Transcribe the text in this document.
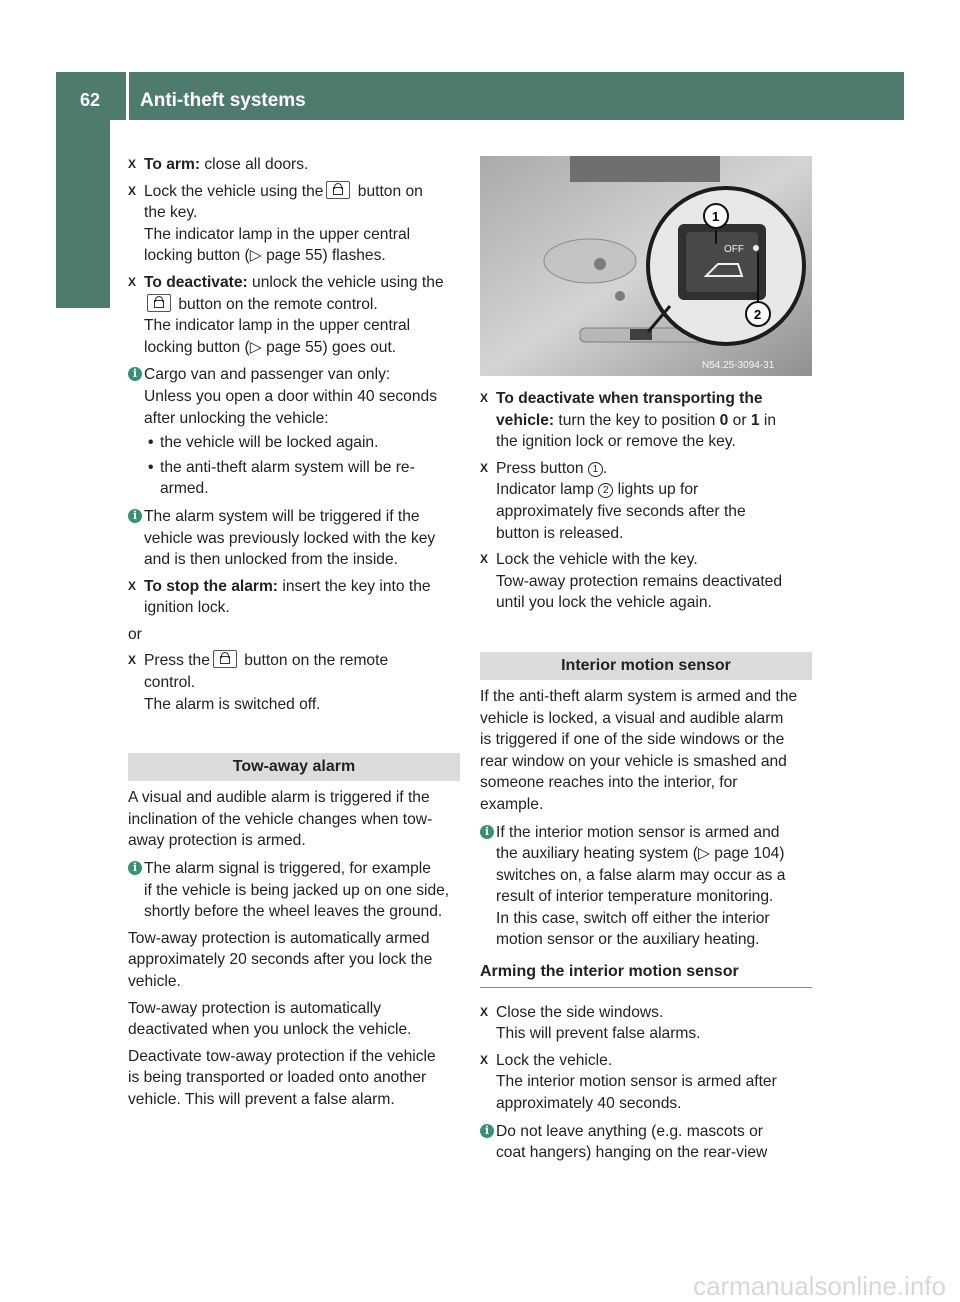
62	Anti-theft systems
Controls	X To arm: close all doors.
X Lock the vehicle using the button on
the key.
The indicator lamp in the upper central
locking button (▷ page 55) flashes.
X To deactivate: unlock the vehicle using the
button on the remote control.
The indicator lamp in the upper central
locking button (▷ page 55) goes out.
i Cargo van and passenger van only:
Unless you open a door within 40 seconds
after unlocking the vehicle:
• the vehicle will be locked again.
• the anti-theft alarm system will be re-
armed.
i The alarm system will be triggered if the
vehicle was previously locked with the key
and is then unlocked from the inside.
X To stop the alarm: insert the key into the
ignition lock.
or
X Press the button on the remote
control.
The alarm is switched off.
Tow-away alarm
A visual and audible alarm is triggered if the
inclination of the vehicle changes when tow-
away protection is armed.
i The alarm signal is triggered, for example
if the vehicle is being jacked up on one side,
shortly before the wheel leaves the ground.
Tow-away protection is automatically armed
approximately 20 seconds after you lock the
vehicle.
Tow-away protection is automatically
deactivated when you unlock the vehicle.
Deactivate tow-away protection if the vehicle
is being transported or loaded onto another
vehicle. This will prevent a false alarm.
OFF
1
2
N54.25-3094-31
X To deactivate when transporting the
vehicle: turn the key to position 0 or 1 in
the ignition lock or remove the key.
X Press button 1 .
Indicator lamp 2 lights up for
approximately five seconds after the
button is released.
X Lock the vehicle with the key.
Tow-away protection remains deactivated
until you lock the vehicle again.
Interior motion sensor
If the anti-theft alarm system is armed and the
vehicle is locked, a visual and audible alarm
is triggered if one of the side windows or the
rear window on your vehicle is smashed and
someone reaches into the interior, for
example.
i If the interior motion sensor is armed and
the auxiliary heating system (▷ page 104)
switches on, a false alarm may occur as a
result of interior temperature monitoring.
In this case, switch off either the interior
motion sensor or the auxiliary heating.
Arming the interior motion sensor
X Close the side windows.
This will prevent false alarms.
X Lock the vehicle.
The interior motion sensor is armed after
approximately 40 seconds.
i Do not leave anything (e.g. mascots or
coat hangers) hanging on the rear-view
carmanualsonline.info
